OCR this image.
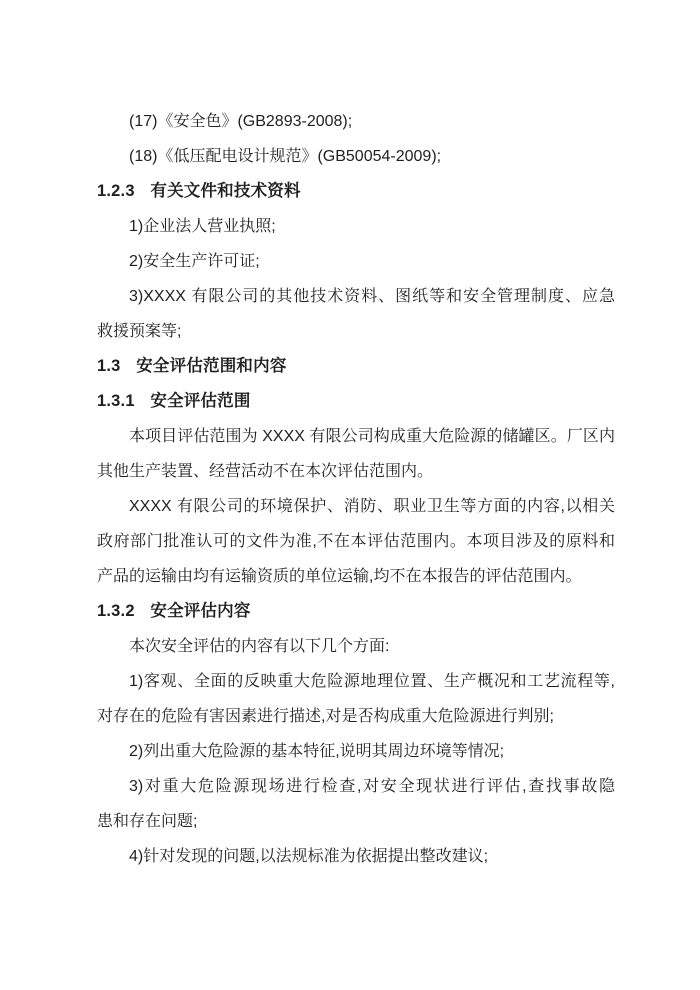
(17)《安全色》(GB2893-2008);
(18)《低压配电设计规范》(GB50054-2009);
1.2.3 有关文件和技术资料
1)企业法人营业执照;
2)安全生产许可证;
3)XXXX 有限公司的其他技术资料、图纸等和安全管理制度、应急
救援预案等;
1.3 安全评估范围和内容
1.3.1 安全评估范围
本项目评估范围为 XXXX 有限公司构成重大危险源的储罐区。厂区内
其他生产装置、经营活动不在本次评估范围内。
XXXX 有限公司的环境保护、消防、职业卫生等方面的内容,以相关
政府部门批准认可的文件为准,不在本评估范围内。本项目涉及的原料和
产品的运输由均有运输资质的单位运输,均不在本报告的评估范围内。
1.3.2 安全评估内容
本次安全评估的内容有以下几个方面:
1)客观、全面的反映重大危险源地理位置、生产概况和工艺流程等,
对存在的危险有害因素进行描述,对是否构成重大危险源进行判别;
2)列出重大危险源的基本特征,说明其周边环境等情况;
3)对重大危险源现场进行检查,对安全现状进行评估,查找事故隐
患和存在问题;
4)针对发现的问题,以法规标准为依据提出整改建议;
